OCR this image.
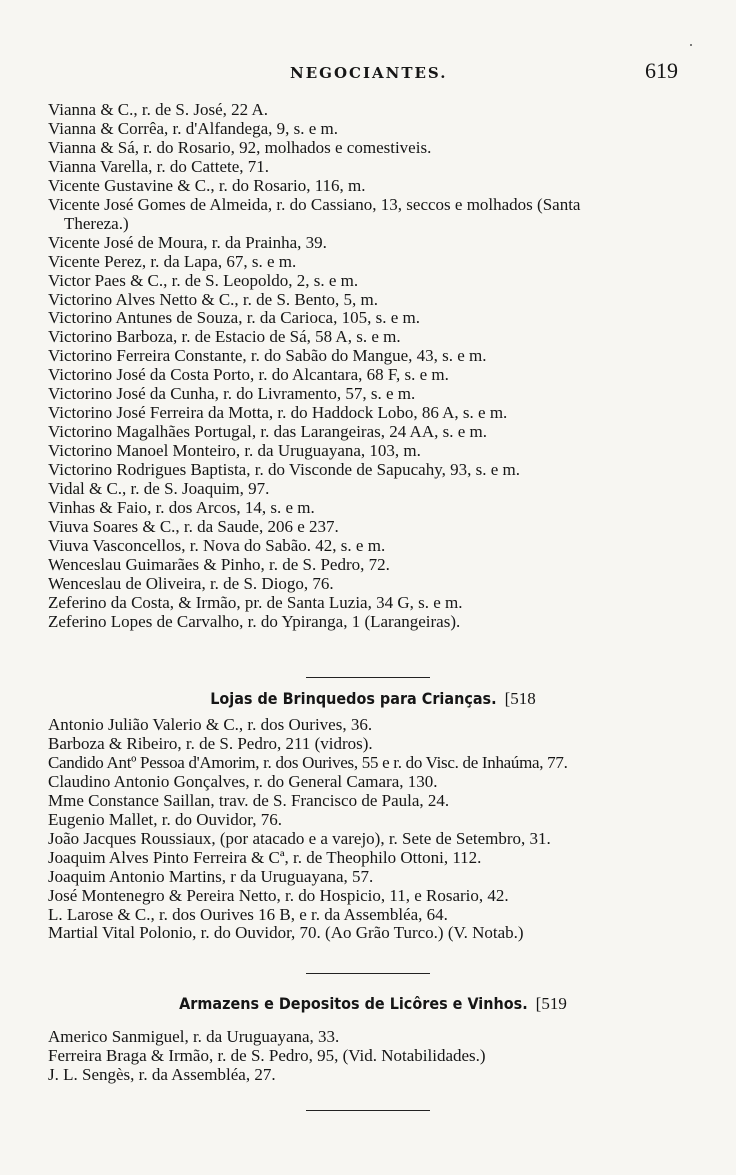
NEGOCIANTES.	619

Vianna & C., r. de S. José, 22 A.

Vianna & Corrêa, r. d'Alfandega, 9, s. e m.

Vianna & Sá, r. do Rosario, 92, molhados e comestiveis.

Vianna Varella, r. do Cattete, 71.

Vicente Gustavine & C., r. do Rosario, 116, m.

Vicente José Gomes de Almeida, r. do Cassiano, 13, seccos e molhados (Santa

Thereza.)

Vicente José de Moura, r. da Prainha, 39.

Vicente Perez, r. da Lapa, 67, s. e m.

Victor Paes & C., r. de S. Leopoldo, 2, s. e m.

Victorino Alves Netto & C., r. de S. Bento, 5, m.

Victorino Antunes de Souza, r. da Carioca, 105, s. e m.

Victorino Barboza, r. de Estacio de Sá, 58 A, s. e m.

Victorino Ferreira Constante, r. do Sabão do Mangue, 43, s. e m.

Victorino José da Costa Porto, r. do Alcantara, 68 F, s. e m.

Victorino José da Cunha, r. do Livramento, 57, s. e m.

Victorino José Ferreira da Motta, r. do Haddock Lobo, 86 A, s. e m.

Victorino Magalhães Portugal, r. das Larangeiras, 24 AA, s. e m.

Victorino Manoel Monteiro, r. da Uruguayana, 103, m.

Victorino Rodrigues Baptista, r. do Visconde de Sapucahy, 93, s. e m.

Vidal & C., r. de S. Joaquim, 97.

Vinhas & Faio, r. dos Arcos, 14, s. e m.

Viuva Soares & C., r. da Saude, 206 e 237.

Viuva Vasconcellos, r. Nova do Sabão. 42, s. e m.

Wenceslau Guimarães & Pinho, r. de S. Pedro, 72.

Wenceslau de Oliveira, r. de S. Diogo, 76.

Zeferino da Costa, & Irmão, pr. de Santa Luzia, 34 G, s. e m.

Zeferino Lopes de Carvalho, r. do Ypiranga, 1 (Larangeiras).

Lojas de Brinquedos para Crianças. [518

Antonio Julião Valerio & C., r. dos Ourives, 36.

Barboza & Ribeiro, r. de S. Pedro, 211 (vidros).

Candido Antº Pessoa d'Amorim, r. dos Ourives, 55 e r. do Visc. de Inhaúma, 77.

Claudino Antonio Gonçalves, r. do General Camara, 130.

Mme Constance Saillan, trav. de S. Francisco de Paula, 24.

Eugenio Mallet, r. do Ouvidor, 76.

João Jacques Roussiaux, (por atacado e a varejo), r. Sete de Setembro, 31.

Joaquim Alves Pinto Ferreira & Cª, r. de Theophilo Ottoni, 112.

Joaquim Antonio Martins, r da Uruguayana, 57.

José Montenegro & Pereira Netto, r. do Hospicio, 11, e Rosario, 42.

L. Larose & C., r. dos Ourives 16 B, e r. da Assembléa, 64.

Martial Vital Polonio, r. do Ouvidor, 70. (Ao Grão Turco.) (V. Notab.)

Armazens e Depositos de Licôres e Vinhos. [519

Americo Sanmiguel, r. da Uruguayana, 33.

Ferreira Braga & Irmão, r. de S. Pedro, 95, (Vid. Notabilidades.)

J. L. Sengès, r. da Assembléa, 27.
